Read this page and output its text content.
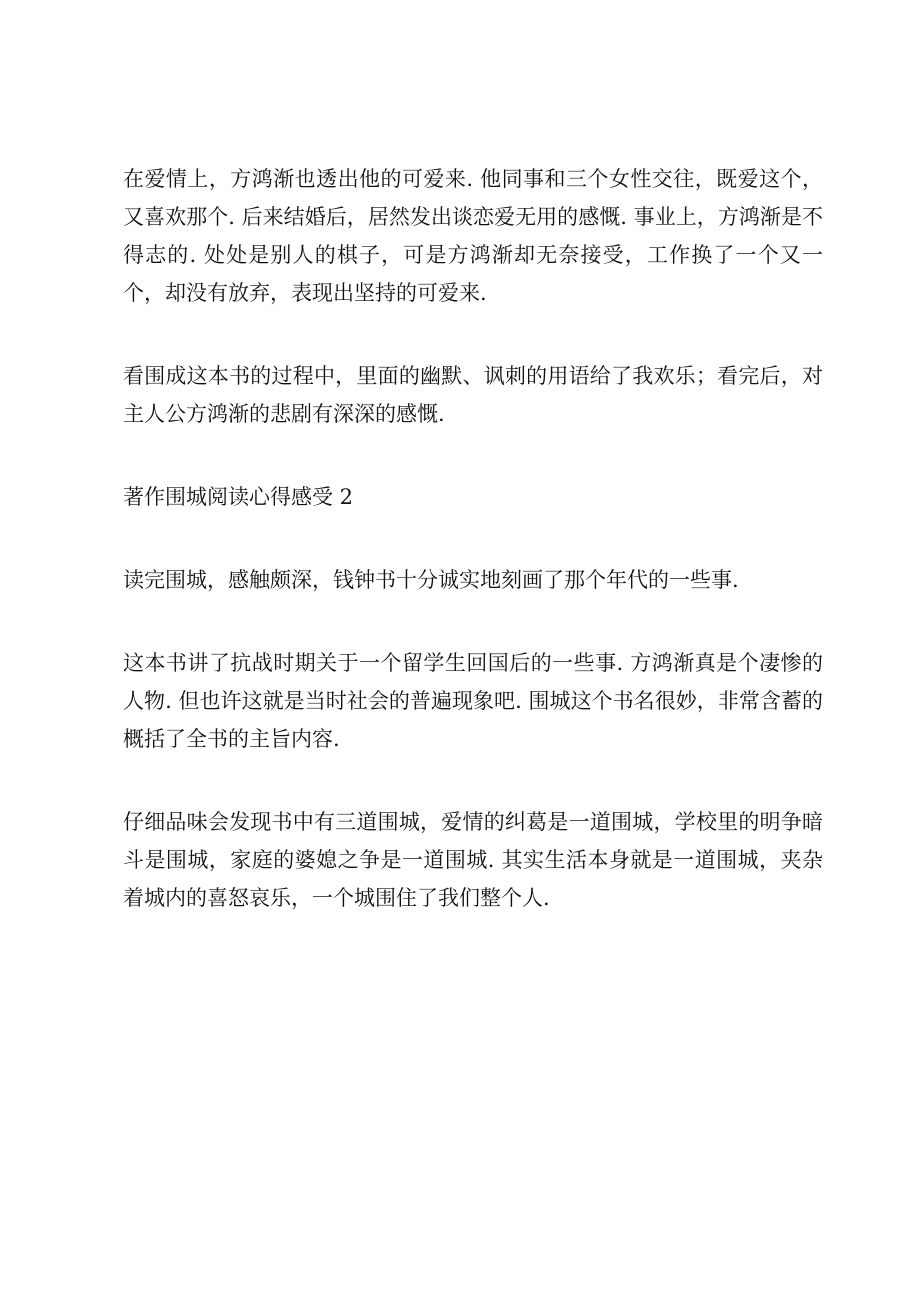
在爱情上，方鸿渐也透出他的可爱来. 他同事和三个女性交往，既爱这个，又喜欢那个. 后来结婚后，居然发出谈恋爱无用的感慨. 事业上，方鸿渐是不得志的. 处处是别人的棋子，可是方鸿渐却无奈接受，工作换了一个又一个，却没有放弃，表现出坚持的可爱来.

看围成这本书的过程中，里面的幽默、讽刺的用语给了我欢乐；看完后，对主人公方鸿渐的悲剧有深深的感慨.

著作围城阅读心得感受 2

读完围城，感触颇深，钱钟书十分诚实地刻画了那个年代的一些事.

这本书讲了抗战时期关于一个留学生回国后的一些事. 方鸿渐真是个凄惨的人物. 但也许这就是当时社会的普遍现象吧. 围城这个书名很妙，非常含蓄的概括了全书的主旨内容.

仔细品味会发现书中有三道围城，爱情的纠葛是一道围城，学校里的明争暗斗是围城，家庭的婆媳之争是一道围城. 其实生活本身就是一道围城，夹杂着城内的喜怒哀乐，一个城围住了我们整个人.
